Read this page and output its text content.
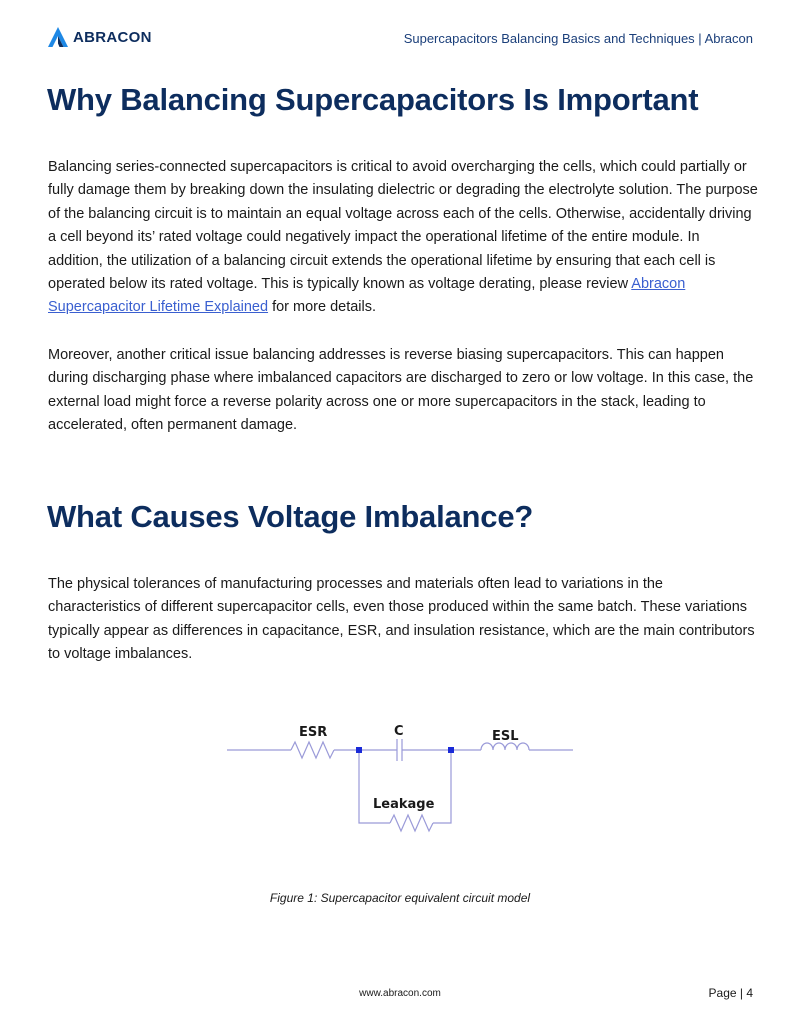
ABRACON	Supercapacitors Balancing Basics and Techniques | Abracon
Why Balancing Supercapacitors Is Important

Balancing series-connected supercapacitors is critical to avoid overcharging the cells, which could partially or fully damage them by breaking down the insulating dielectric or degrading the electrolyte solution. The purpose of the balancing circuit is to maintain an equal voltage across each of the cells. Otherwise, accidentally driving a cell beyond its’ rated voltage could negatively impact the operational lifetime of the entire module. In addition, the utilization of a balancing circuit extends the operational lifetime by ensuring that each cell is operated below its rated voltage. This is typically known as voltage derating, please review Abracon Supercapacitor Lifetime Explained for more details.

Moreover, another critical issue balancing addresses is reverse biasing supercapacitors. This can happen during discharging phase where imbalanced capacitors are discharged to zero or low voltage. In this case, the external load might force a reverse polarity across one or more supercapacitors in the stack, leading to accelerated, often permanent damage.

What Causes Voltage Imbalance?

The physical tolerances of manufacturing processes and materials often lead to variations in the characteristics of different supercapacitor cells, even those produced within the same batch. These variations typically appear as differences in capacitance, ESR, and insulation resistance, which are the main contributors to voltage imbalances.

ESR	C	ESL
Leakage
Figure 1: Supercapacitor equivalent circuit model
www.abracon.com	Page | 4
